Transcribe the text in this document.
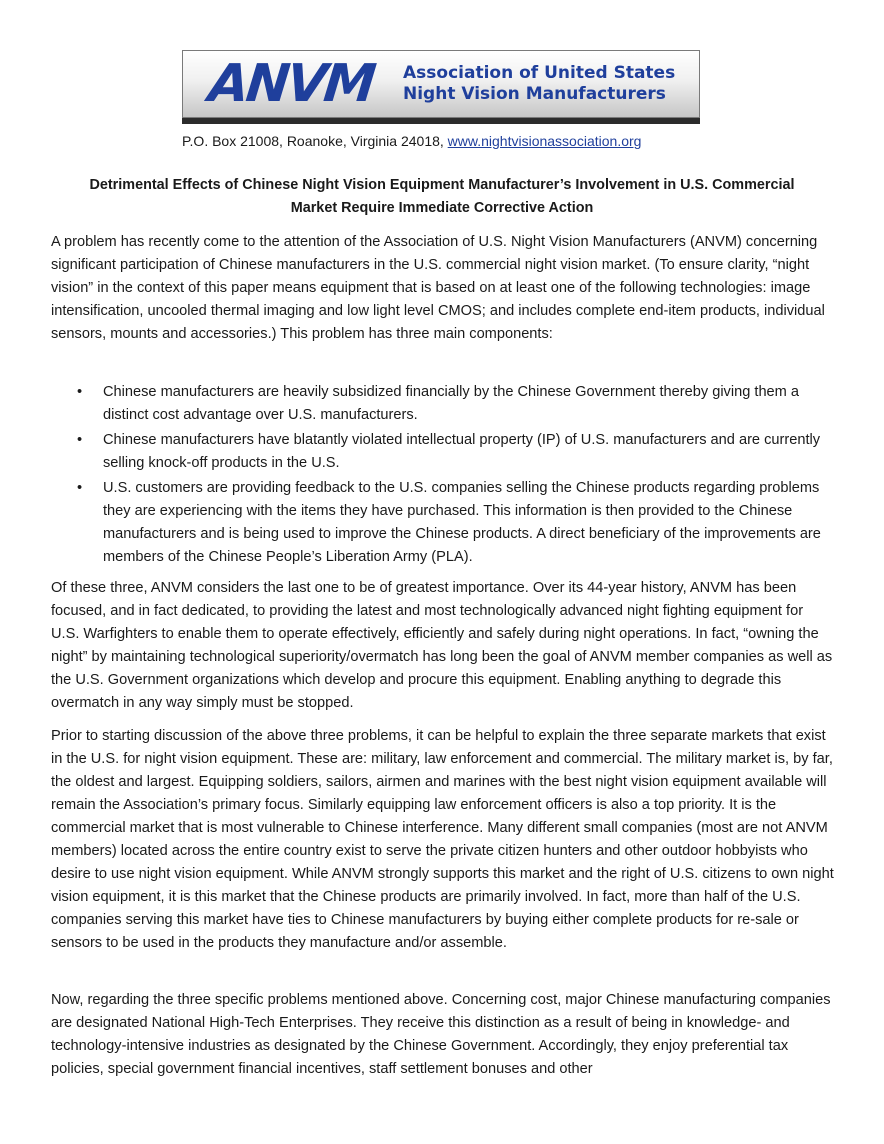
ANVM Association of United States
Night Vision Manufacturers
P.O. Box 21008, Roanoke, Virginia 24018, www.nightvisionassociation.org
Detrimental Effects of Chinese Night Vision Equipment Manufacturer’s Involvement in U.S. Commercial
Market Require Immediate Corrective Action

A problem has recently come to the attention of the Association of U.S. Night Vision Manufacturers (ANVM) concerning significant participation of Chinese manufacturers in the U.S. commercial night vision market. (To ensure clarity, “night vision” in the context of this paper means equipment that is based on at least one of the following technologies: image intensification, uncooled thermal imaging and low light level CMOS; and includes complete end-item products, individual sensors, mounts and accessories.) This problem has three main components:

• Chinese manufacturers are heavily subsidized financially by the Chinese Government thereby giving them a distinct cost advantage over U.S. manufacturers.
• Chinese manufacturers have blatantly violated intellectual property (IP) of U.S. manufacturers and are currently selling knock-off products in the U.S.
• U.S. customers are providing feedback to the U.S. companies selling the Chinese products regarding problems they are experiencing with the items they have purchased. This information is then provided to the Chinese manufacturers and is being used to improve the Chinese products. A direct beneficiary of the improvements are members of the Chinese People’s Liberation Army (PLA).

Of these three, ANVM considers the last one to be of greatest importance. Over its 44-year history, ANVM has been focused, and in fact dedicated, to providing the latest and most technologically advanced night fighting equipment for U.S. Warfighters to enable them to operate effectively, efficiently and safely during night operations. In fact, “owning the night” by maintaining technological superiority/overmatch has long been the goal of ANVM member companies as well as the U.S. Government organizations which develop and procure this equipment. Enabling anything to degrade this overmatch in any way simply must be stopped.

Prior to starting discussion of the above three problems, it can be helpful to explain the three separate markets that exist in the U.S. for night vision equipment. These are: military, law enforcement and commercial. The military market is, by far, the oldest and largest. Equipping soldiers, sailors, airmen and marines with the best night vision equipment available will remain the Association’s primary focus. Similarly equipping law enforcement officers is also a top priority. It is the commercial market that is most vulnerable to Chinese interference. Many different small companies (most are not ANVM members) located across the entire country exist to serve the private citizen hunters and other outdoor hobbyists who desire to use night vision equipment. While ANVM strongly supports this market and the right of U.S. citizens to own night vision equipment, it is this market that the Chinese products are primarily involved. In fact, more than half of the U.S. companies serving this market have ties to Chinese manufacturers by buying either complete products for re-sale or sensors to be used in the products they manufacture and/or assemble.

Now, regarding the three specific problems mentioned above. Concerning cost, major Chinese manufacturing companies are designated National High-Tech Enterprises. They receive this distinction as a result of being in knowledge- and technology-intensive industries as designated by the Chinese Government. Accordingly, they enjoy preferential tax policies, special government financial incentives, staff settlement bonuses and other
